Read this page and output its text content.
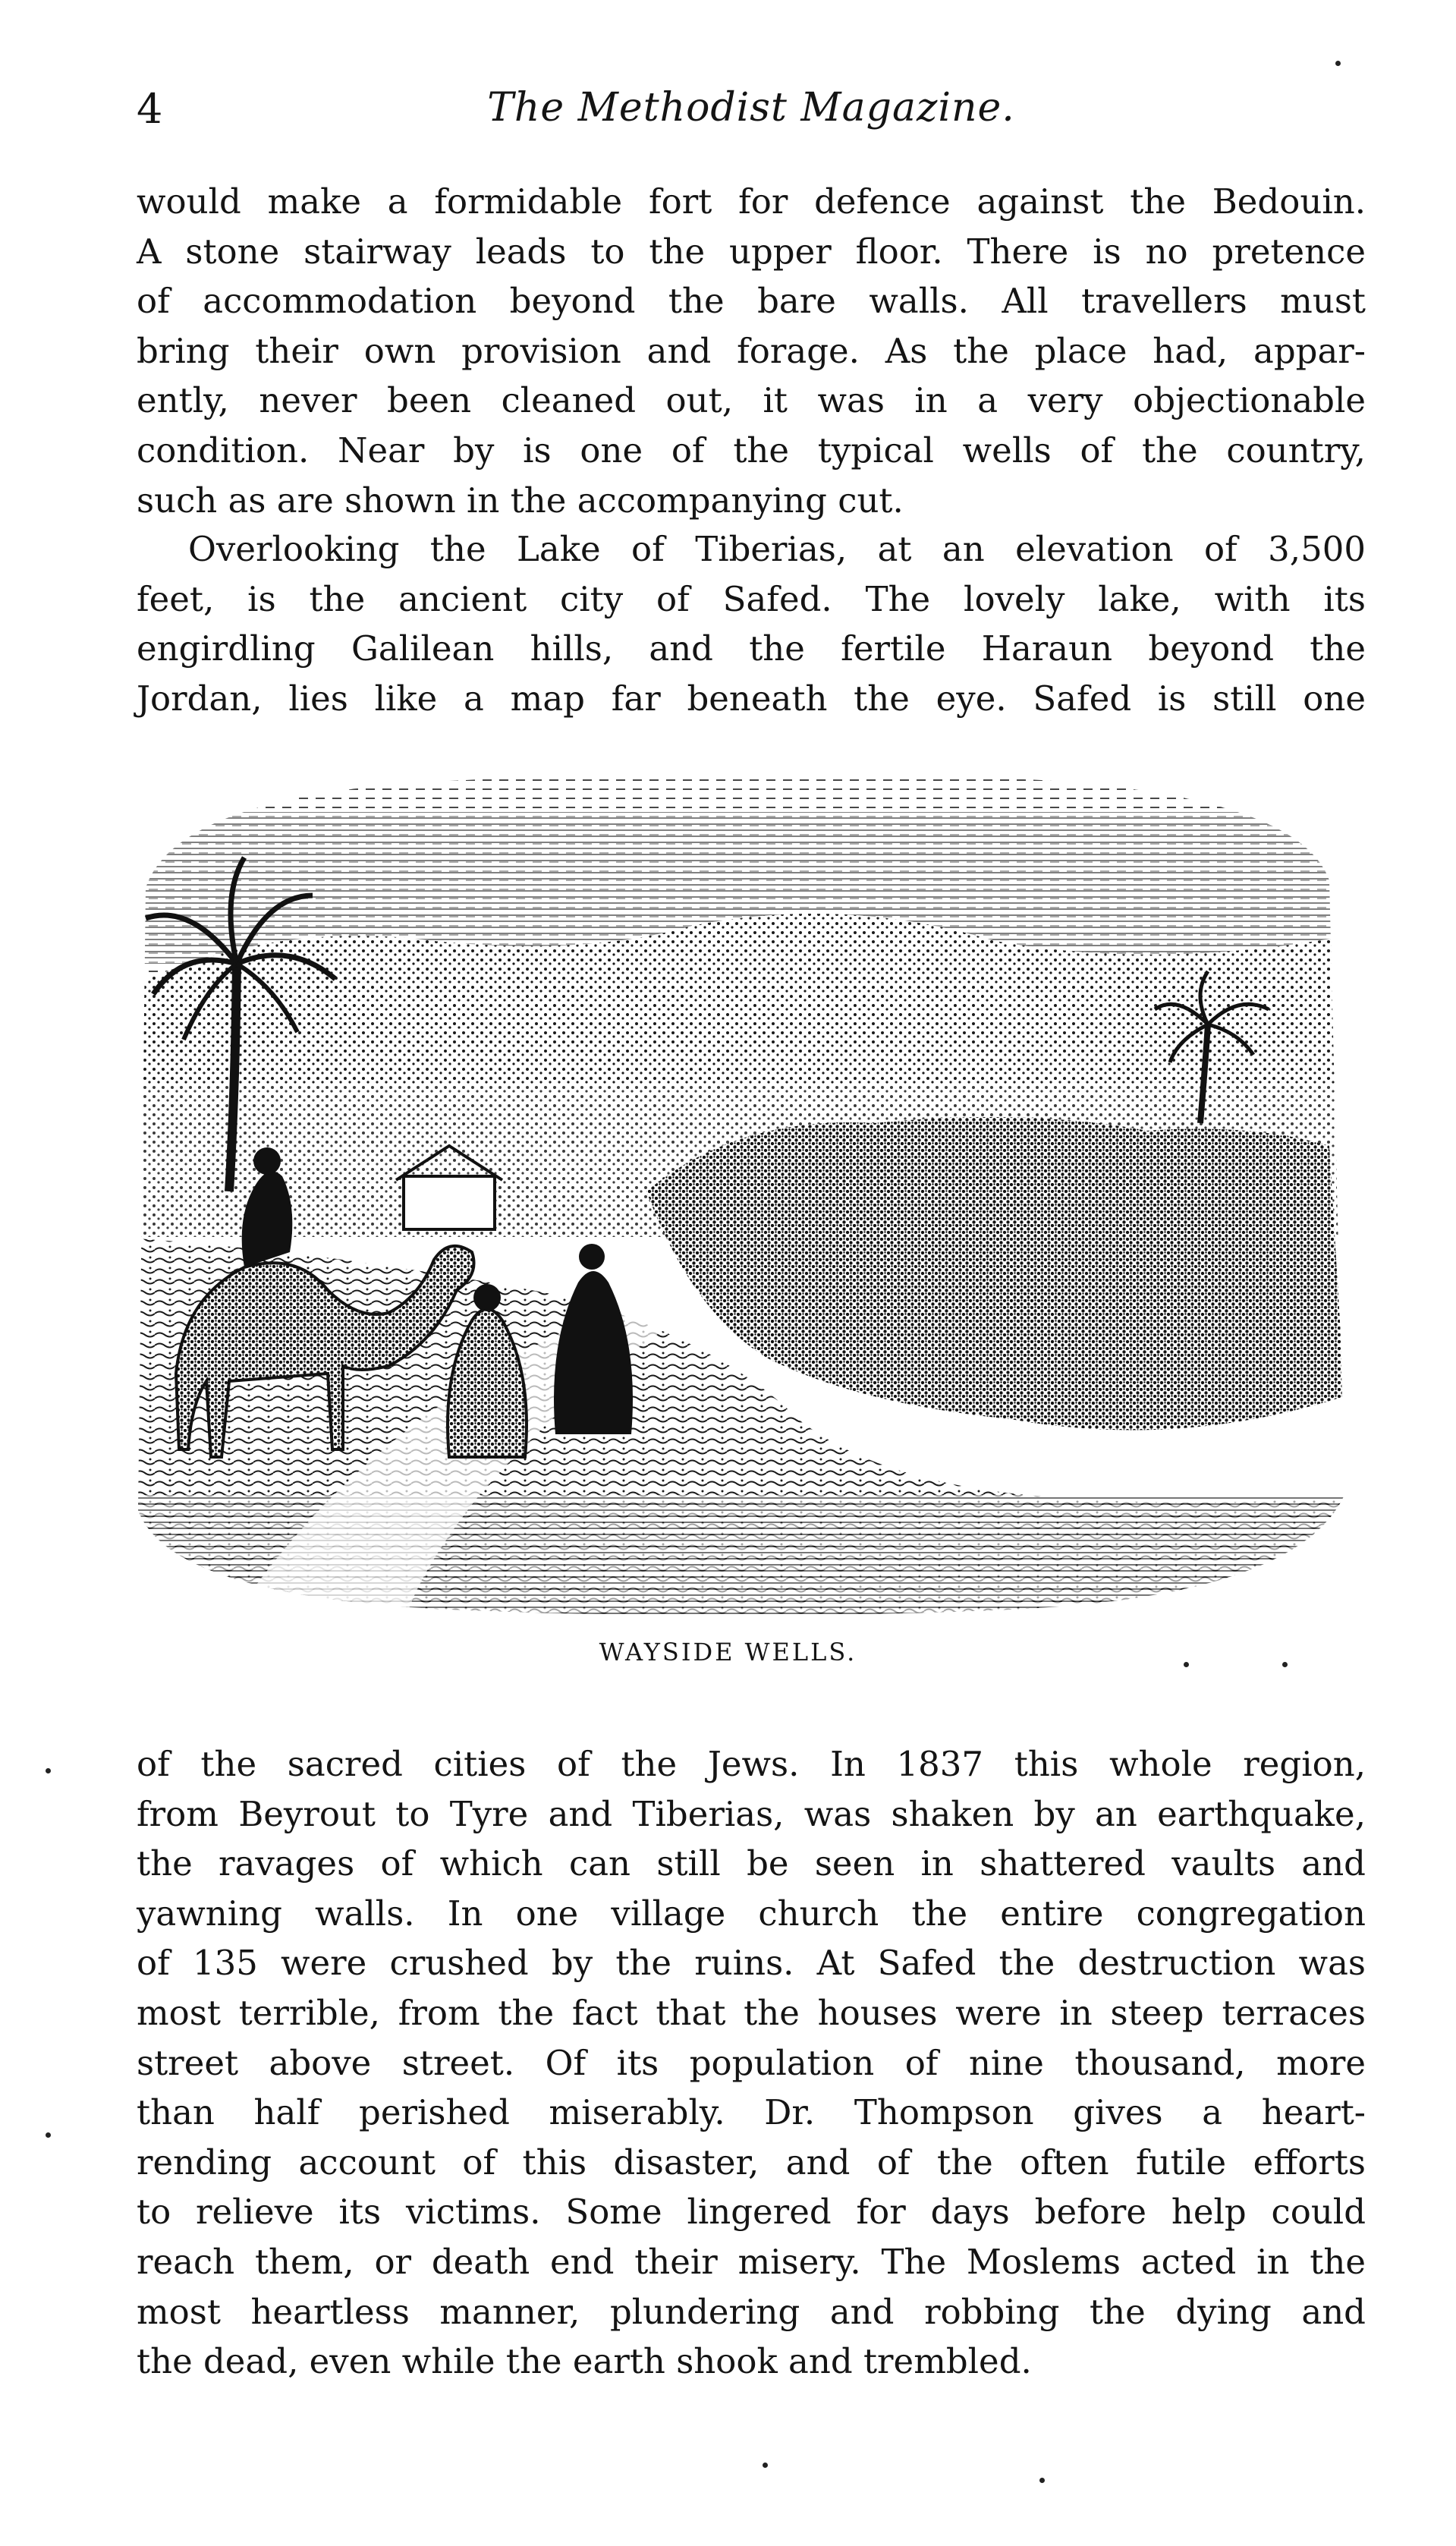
4	The Methodist Magazine.
would make a formidable fort for defence against the Bedouin.
A stone stairway leads to the upper floor. There is no pretence
of accommodation beyond the bare walls. All travellers must
bring their own provision and forage. As the place had, appar-
ently, never been cleaned out, it was in a very objectionable
condition. Near by is one of the typical wells of the country,
such as are shown in the accompanying cut.
Overlooking the Lake of Tiberias, at an elevation of 3,500
feet, is the ancient city of Safed. The lovely lake, with its
engirdling Galilean hills, and the fertile Haraun beyond the
Jordan, lies like a map far beneath the eye. Safed is still one
WAYSIDE WELLS.
of the sacred cities of the Jews. In 1837 this whole region,
from Beyrout to Tyre and Tiberias, was shaken by an earthquake,
the ravages of which can still be seen in shattered vaults and
yawning walls. In one village church the entire congregation
of 135 were crushed by the ruins. At Safed the destruction was
most terrible, from the fact that the houses were in steep terraces
street above street. Of its population of nine thousand, more
than half perished miserably. Dr. Thompson gives a heart-
rending account of this disaster, and of the often futile efforts
to relieve its victims. Some lingered for days before help could
reach them, or death end their misery. The Moslems acted in the
most heartless manner, plundering and robbing the dying and
the dead, even while the earth shook and trembled.
